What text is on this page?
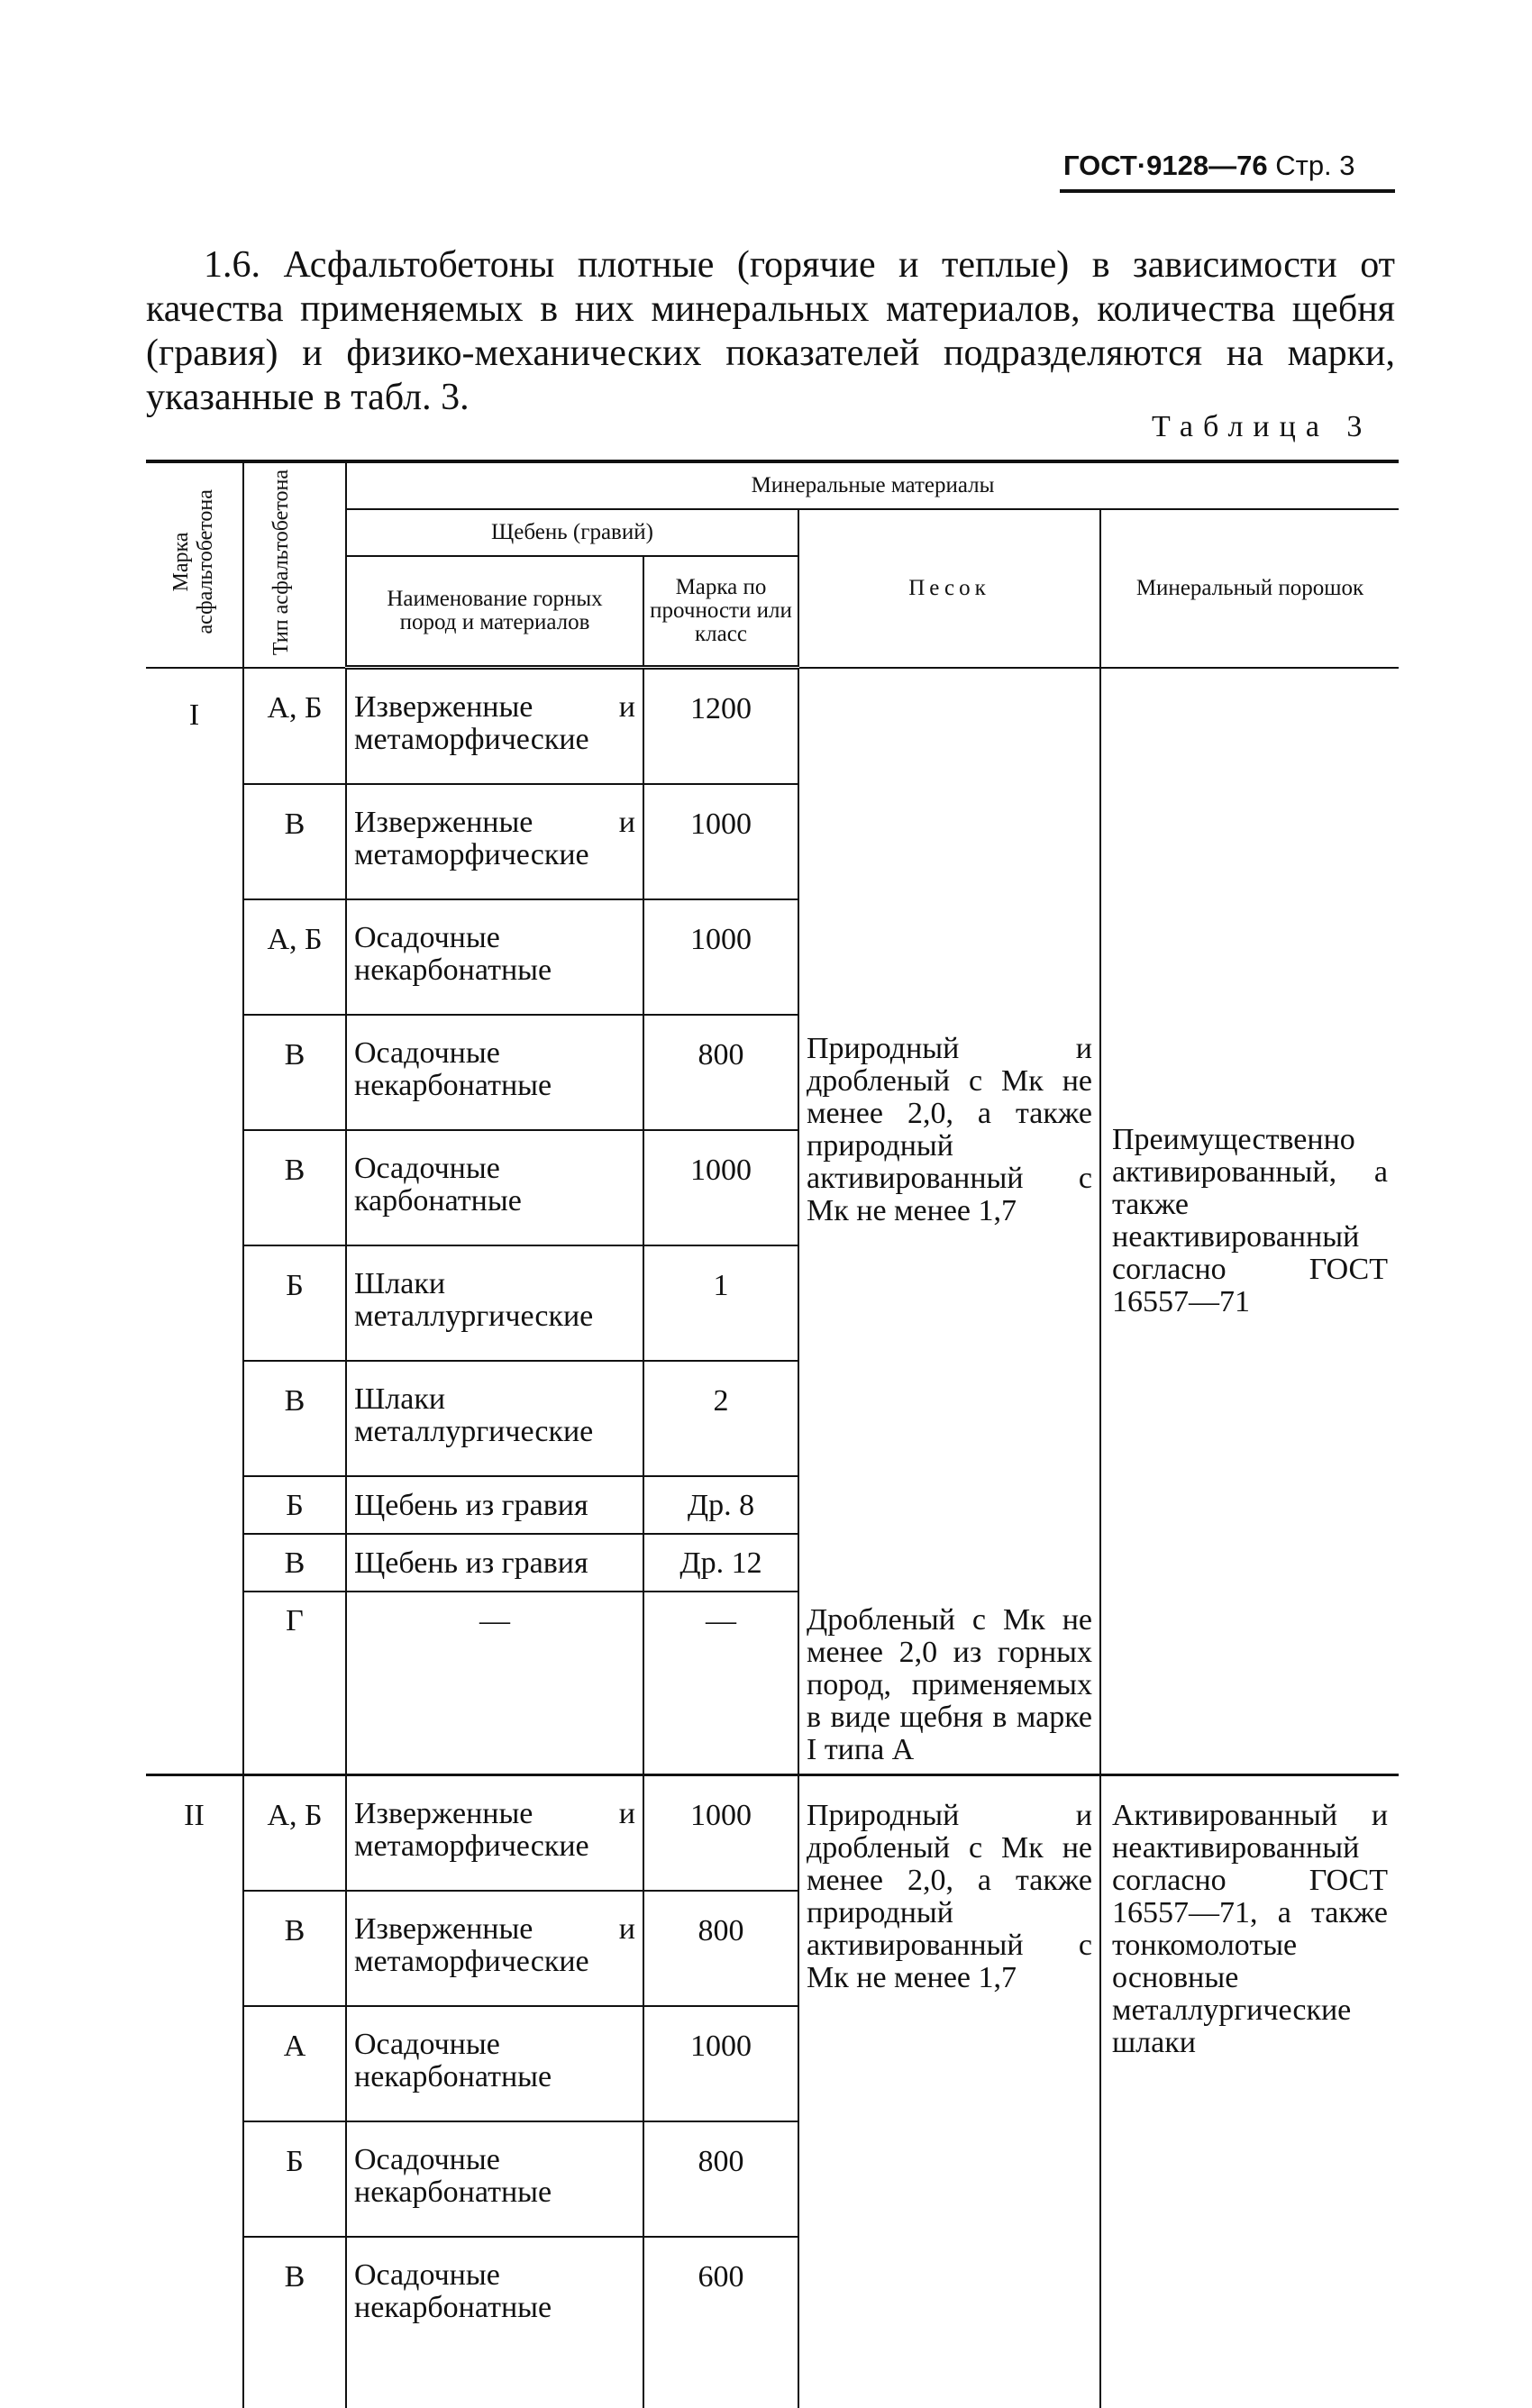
ГОСТ·9128—76 Стр. 3
1.6. Асфальтобетоны плотные (горячие и теплые) в зависимости от качества применяемых в них минеральных материалов, количества щебня (гравия) и физико-механических показателей подразделяются на марки, указанные в табл. 3.
Таблица 3
Марка асфальтобетона	Тип асфальтобетона	Минеральные материалы			
		Щебень (гравий)		Песок	Минеральный порошок
		Наименование горных пород и материалов	Марка по прочности или класс		
I	А, Б	Изверженные и метаморфические	1200	Природный и дробленый с Мк не менее 2,0, а также природный активированный с Мк не менее 1,7	Преимущественно активированный, а также неактивированный согласно ГОСТ 16557—71
	В	Изверженные и метаморфические	1000		
	А, Б	Осадочные некарбонатные	1000		
	В	Осадочные некарбонатные	800		
	В	Осадочные карбонатные	1000		
	Б	Шлаки металлургические	1		
	В	Шлаки металлургические	2		
	Б	Щебень из гравия	Др. 8		
	В	Щебень из гравия	Др. 12		
	Г	—	—	Дробленый с Мк не менее 2,0 из горных пород, применяемых в виде щебня в марке I типа А	
II	А, Б	Изверженные и метаморфические	1000	Природный и дробленый с Мк не менее 2,0, а также природный активированный с Мк не менее 1,7	Активированный и неактивированный согласно ГОСТ 16557—71, а также тонкомолотые основные металлургические шлаки
	В	Изверженные и метаморфические	800		
	А	Осадочные некарбонатные	1000		
	Б	Осадочные некарбонатные	800		
	В	Осадочные некарбонатные	600		
